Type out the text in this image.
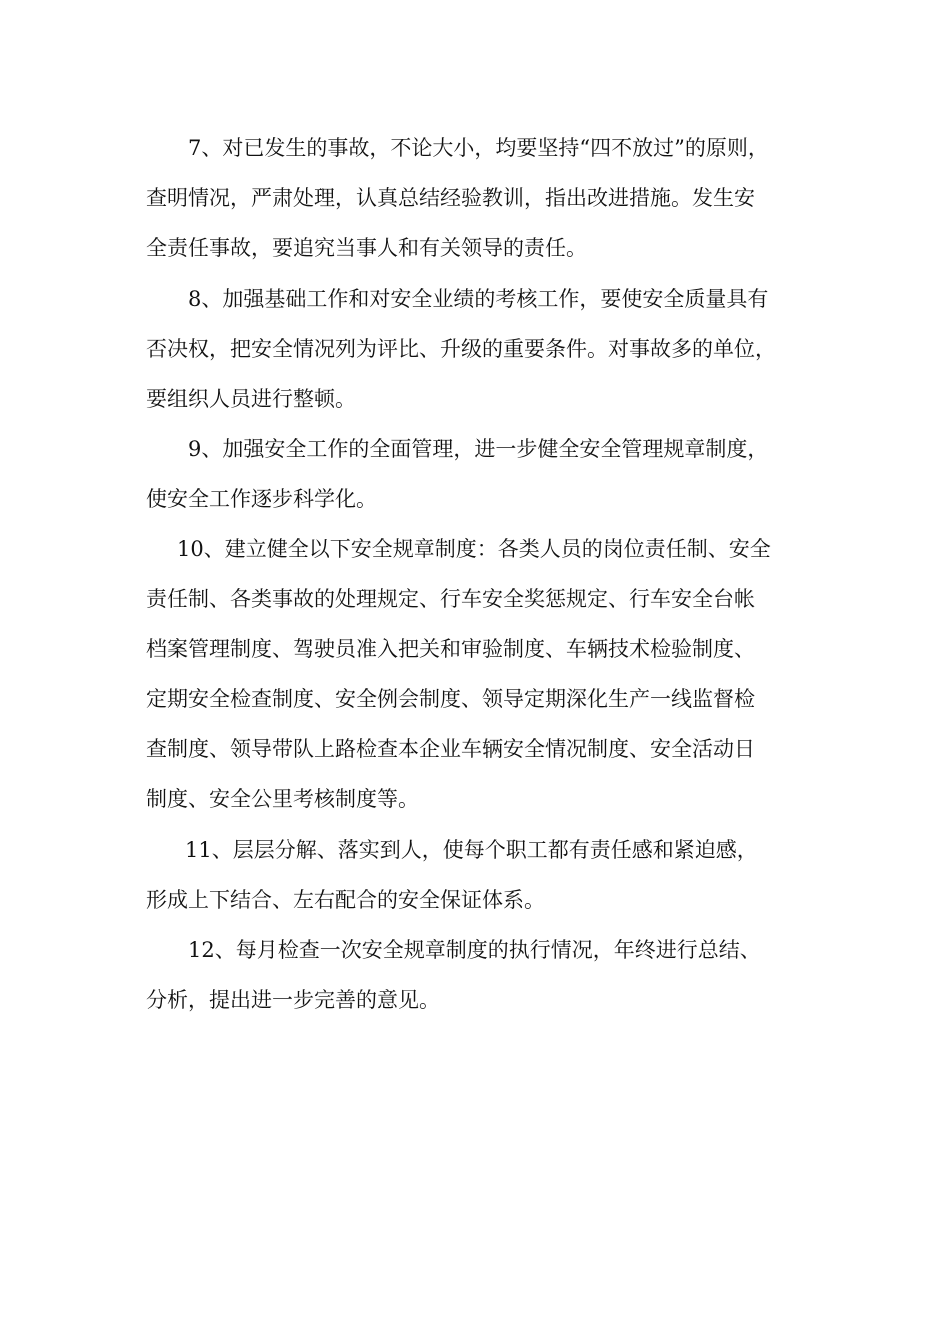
7、对已发生的事故，不论大小，均要坚持“四不放过”的原则，
查明情况，严肃处理，认真总结经验教训，指出改进措施。发生安
全责任事故，要追究当事人和有关领导的责任。
8、加强基础工作和对安全业绩的考核工作，要使安全质量具有
否决权，把安全情况列为评比、升级的重要条件。对事故多的单位，
要组织人员进行整顿。
9、加强安全工作的全面管理，进一步健全安全管理规章制度，
使安全工作逐步科学化。
10、建立健全以下安全规章制度：各类人员的岗位责任制、安全
责任制、各类事故的处理规定、行车安全奖惩规定、行车安全台帐
档案管理制度、驾驶员准入把关和审验制度、车辆技术检验制度、
定期安全检查制度、安全例会制度、领导定期深化生产一线监督检
查制度、领导带队上路检查本企业车辆安全情况制度、安全活动日
制度、安全公里考核制度等。
11、层层分解、落实到人，使每个职工都有责任感和紧迫感，
形成上下结合、左右配合的安全保证体系。
12、每月检查一次安全规章制度的执行情况，年终进行总结、
分析，提出进一步完善的意见。
